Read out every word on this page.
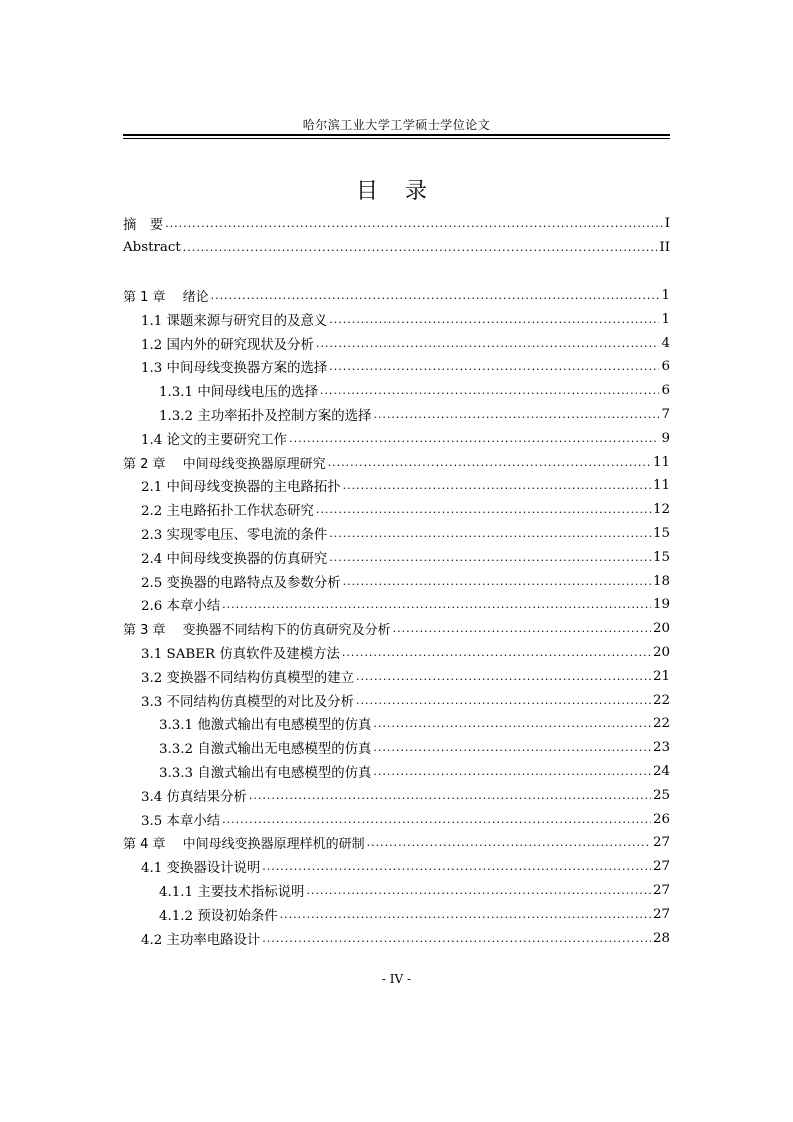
哈尔滨工业大学工学硕士学位论文
目 录
摘　要 .....	I
Abstract .....	II
第 1 章　 绪论 .....	1
1.1 课题来源与研究目的及意义 .....	1
1.2 国内外的研究现状及分析 .....	4
1.3 中间母线变换器方案的选择 .....	6
1.3.1 中间母线电压的选择 .....	6
1.3.2 主功率拓扑及控制方案的选择 .....	7
1.4 论文的主要研究工作 .....	9
第 2 章　 中间母线变换器原理研究 .....	11
2.1 中间母线变换器的主电路拓扑 .....	11
2.2 主电路拓扑工作状态研究 .....	12
2.3 实现零电压、零电流的条件 .....	15
2.4 中间母线变换器的仿真研究 .....	15
2.5 变换器的电路特点及参数分析 .....	18
2.6 本章小结 .....	19
第 3 章　 变换器不同结构下的仿真研究及分析 .....	20
3.1 SABER 仿真软件及建模方法 .....	20
3.2 变换器不同结构仿真模型的建立 .....	21
3.3 不同结构仿真模型的对比及分析 .....	22
3.3.1 他激式输出有电感模型的仿真 .....	22
3.3.2 自激式输出无电感模型的仿真 .....	23
3.3.3 自激式输出有电感模型的仿真 .....	24
3.4 仿真结果分析 .....	25
3.5 本章小结 .....	26
第 4 章　 中间母线变换器原理样机的研制 .....	27
4.1 变换器设计说明 .....	27
4.1.1 主要技术指标说明 .....	27
4.1.2 预设初始条件 .....	27
4.2 主功率电路设计 .....	28
- IV -
